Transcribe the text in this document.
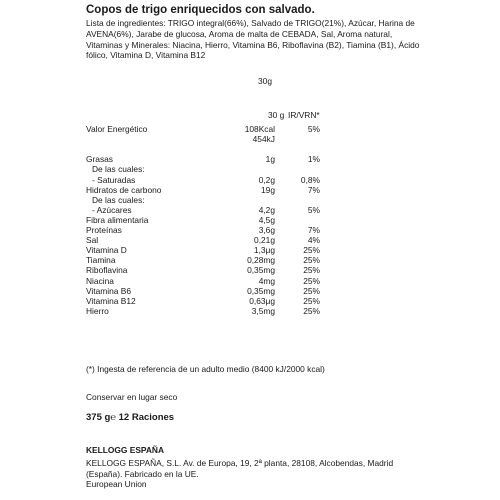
Copos de trigo enriquecidos con salvado.
Lista de ingredientes: TRIGO integral(66%), Salvado de TRIGO(21%), Azúcar, Harina de AVENA(6%), Jarabe de glucosa, Aroma de malta de CEBADA, Sal, Aroma natural, Vitaminas y Minerales: Niacina, Hierro, Vitamina B6, Riboflavina (B2), Tiamina (B1), Ácido fólico, Vitamina D, Vitamina B12
30g
30 g IR/VRN*
Valor Energético	108Kcal	5%
454kJ
Grasas	1g	1%
De las cuales:
- Saturadas	0,2g	0,8%
Hidratos de carbono	19g	7%
De las cuales:
- Azúcares	4,2g	5%
Fibra alimentaria	4,5g
Proteínas	3,6g	7%
Sal	0,21g	4%
Vitamina D	1,3μg	25%
Tiamina	0,28mg	25%
Riboflavina	0,35mg	25%
Niacina	4mg	25%
Vitamina B6	0,35mg	25%
Vitamina B12	0,63μg	25%
Hierro	3,5mg	25%
(*) Ingesta de referencia de un adulto medio (8400 kJ/2000 kcal)
Conservar en lugar seco
375 g℮ 12 Raciones
KELLOGG ESPAÑA
KELLOGG ESPAÑA, S.L. Av. de Europa, 19, 2ª planta, 28108, Alcobendas, Madrid (España). Fabricado en la UE.
European Union
